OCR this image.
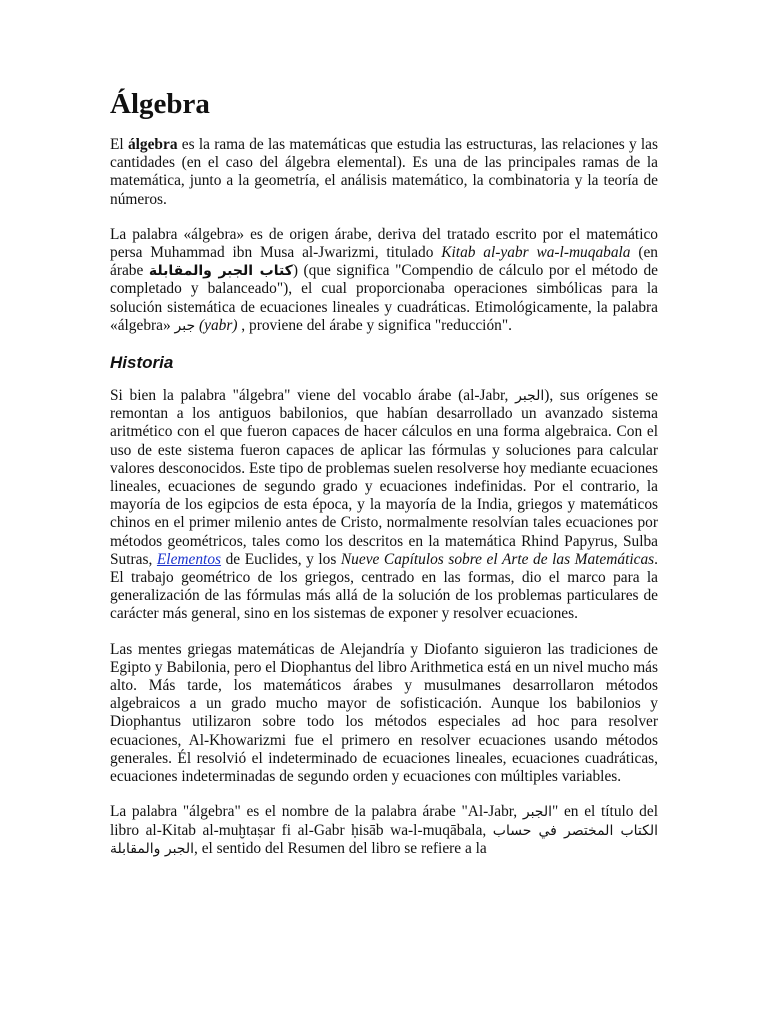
Álgebra

El álgebra es la rama de las matemáticas que estudia las estructuras, las relaciones y las cantidades (en el caso del álgebra elemental). Es una de las principales ramas de la matemática, junto a la geometría, el análisis matemático, la combinatoria y la teoría de números.

La palabra «álgebra» es de origen árabe, deriva del tratado escrito por el matemático persa Muhammad ibn Musa al-Jwarizmi, titulado Kitab al-yabr wa-l-muqabala (en árabe كتاب الجبر والمقابلة) (que significa "Compendio de cálculo por el método de completado y balanceado"), el cual proporcionaba operaciones simbólicas para la solución sistemática de ecuaciones lineales y cuadráticas. Etimológicamente, la palabra «álgebra» جبر (yabr) , proviene del árabe y significa "reducción".

Historia

Si bien la palabra "álgebra" viene del vocablo árabe (al-Jabr, الجبر), sus orígenes se remontan a los antiguos babilonios, que habían desarrollado un avanzado sistema aritmético con el que fueron capaces de hacer cálculos en una forma algebraica. Con el uso de este sistema fueron capaces de aplicar las fórmulas y soluciones para calcular valores desconocidos. Este tipo de problemas suelen resolverse hoy mediante ecuaciones lineales, ecuaciones de segundo grado y ecuaciones indefinidas. Por el contrario, la mayoría de los egipcios de esta época, y la mayoría de la India, griegos y matemáticos chinos en el primer milenio antes de Cristo, normalmente resolvían tales ecuaciones por métodos geométricos, tales como los descritos en la matemática Rhind Papyrus, Sulba Sutras, Elementos de Euclides, y los Nueve Capítulos sobre el Arte de las Matemáticas. El trabajo geométrico de los griegos, centrado en las formas, dio el marco para la generalización de las fórmulas más allá de la solución de los problemas particulares de carácter más general, sino en los sistemas de exponer y resolver ecuaciones.

Las mentes griegas matemáticas de Alejandría y Diofanto siguieron las tradiciones de Egipto y Babilonia, pero el Diophantus del libro Arithmetica está en un nivel mucho más alto. Más tarde, los matemáticos árabes y musulmanes desarrollaron métodos algebraicos a un grado mucho mayor de sofisticación. Aunque los babilonios y Diophantus utilizaron sobre todo los métodos especiales ad hoc para resolver ecuaciones, Al-Khowarizmi fue el primero en resolver ecuaciones usando métodos generales. Él resolvió el indeterminado de ecuaciones lineales, ecuaciones cuadráticas, ecuaciones indeterminadas de segundo orden y ecuaciones con múltiples variables.

La palabra "álgebra" es el nombre de la palabra árabe "Al-Jabr, الجبر" en el título del libro al-Kitab al-muḫtaṣar fi al-Gabr ḥisāb wa-l-muqābala, الكتاب المختصر في حساب الجبر والمقابلة, el sentido del Resumen del libro se refiere a la
